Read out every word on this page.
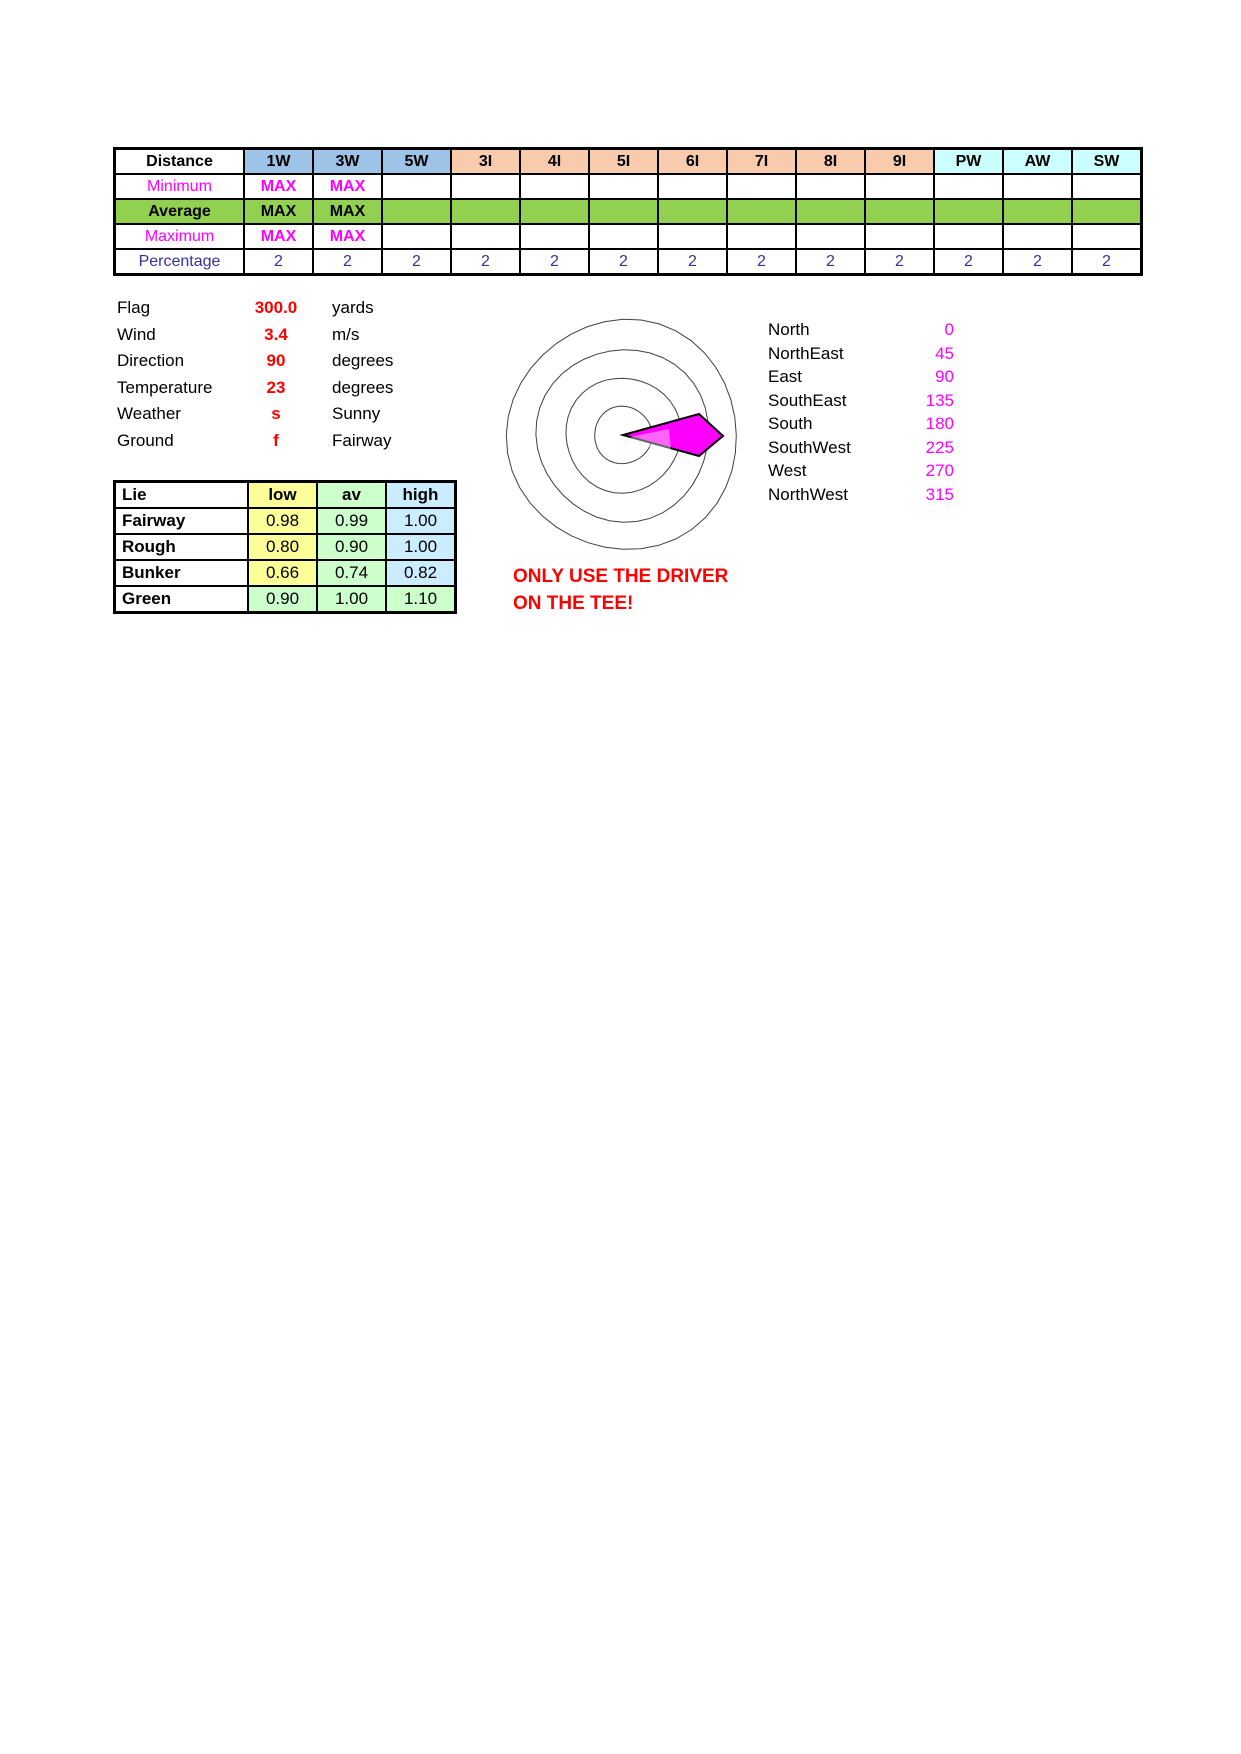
Distance	1W	3W	5W	3I	4I	5I	6I	7I	8I	9I	PW	AW	SW
Minimum	MAX	MAX											
Average	MAX	MAX											
Maximum	MAX	MAX											
Percentage	2	2	2	2	2	2	2	2	2	2	2	2	2
Flag	300.0	yards
Wind	3.4	m/s
Direction	90	degrees
Temperature	23	degrees
Weather	s	Sunny
Ground	f	Fairway
North	0
NorthEast	45
East	90
SouthEast	135
South	180
SouthWest	225
West	270
NorthWest	315
ONLY USE THE DRIVER
ON THE TEE!
Lie	low	av	high
Fairway	0.98	0.99	1.00
Rough	0.80	0.90	1.00
Bunker	0.66	0.74	0.82
Green	0.90	1.00	1.10
